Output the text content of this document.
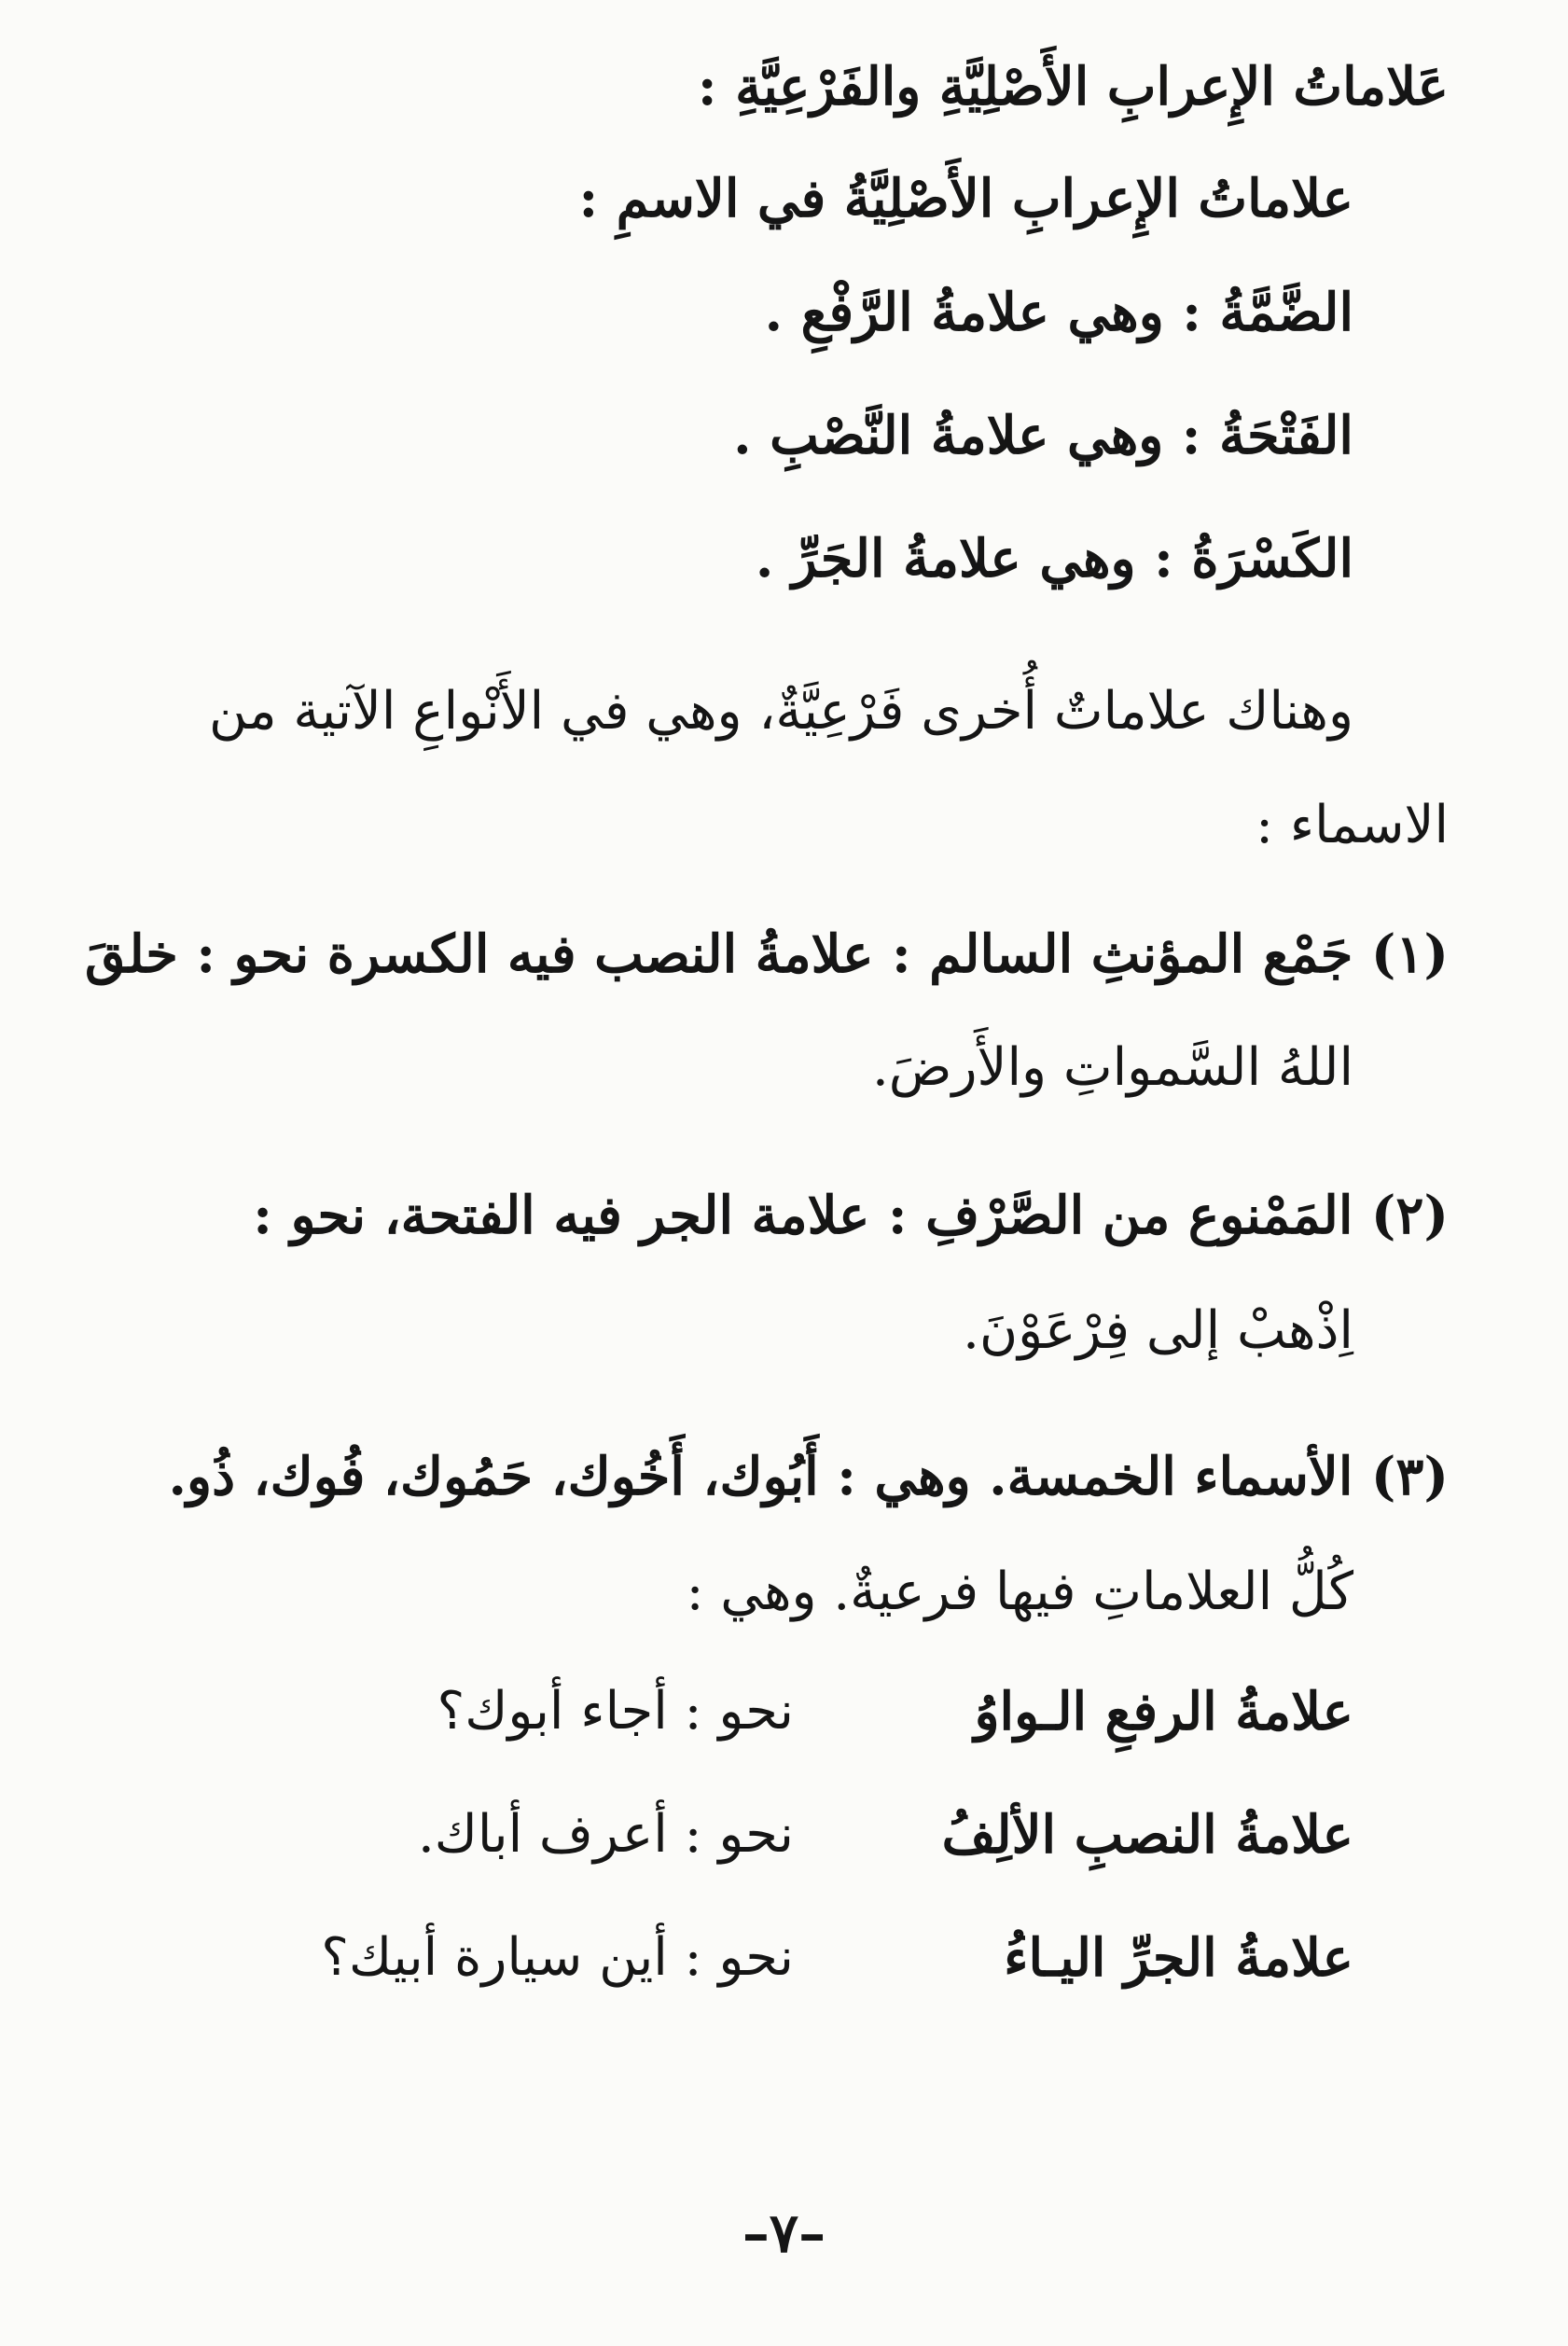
عَلاماتُ الإِعرابِ الأَصْلِيَّةِ والفَرْعِيَّةِ :
علاماتُ الإِعرابِ الأَصْلِيَّةُ في الاسمِ :
الضَّمَّةُ : وهي علامةُ الرَّفْعِ .
الفَتْحَةُ : وهي علامةُ النَّصْبِ .
الكَسْرَةُ : وهي علامةُ الجَرِّ .
وهناك علاماتٌ أُخرى فَرْعِيَّةٌ، وهي في الأَنْواعِ الآتية من
الاسماء :
(١) جَمْع المؤنثِ السالم : علامةُ النصب فيه الكسرة نحو : خلقَ
اللهُ السَّمواتِ والأَرضَ.
(٢) المَمْنوع من الصَّرْفِ : علامة الجر فيه الفتحة، نحو :
اِذْهبْ إلى فِرْعَوْنَ.
(٣) الأسماء الخمسة. وهي : أَبُوك، أَخُوك، حَمُوك، فُوك، ذُو.
كُلُّ العلاماتِ فيها فرعيةٌ. وهي :
علامةُ الرفعِ الـواوُ
نحو : أجاء أبوك؟
علامةُ النصبِ الألِفُ
نحو : أعرف أباك.
علامةُ الجرِّ اليـاءُ
نحو : أين سيارة أبيك؟
–٧–
